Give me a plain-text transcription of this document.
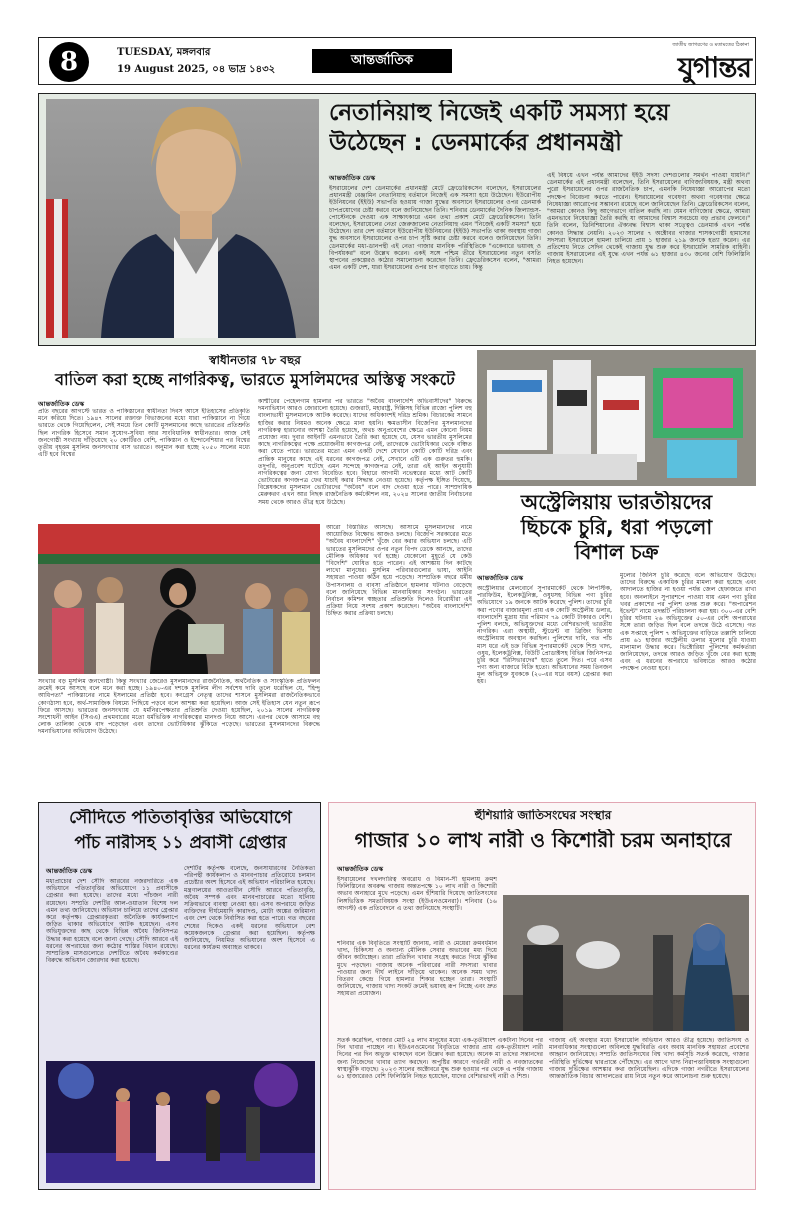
8	TUESDAY, মঙ্গলবার
19 August 2025, ০৪ ভাদ্র ১৪৩২
আন্তর্জাতিক
জাতীয় জাগরণের ও মতামতের ঠিকানা
যুগান্তর
নেতানিয়াহু নিজেই একটি সমস্যা হয়ে
উঠেছেন : ডেনমার্কের প্রধানমন্ত্রী
আন্তর্জাতিক ডেস্ক
ইসরায়েলের দেশ ডেনমার্কের প্রধানমন্ত্রী মেটে ফ্রেডেরিকসেন বলেছেন, ইসরায়েলের প্রধানমন্ত্রী বেঞ্জামিন নেতানিয়াহু বর্তমানে নিজেই এক সমস্যা হয়ে উঠেছেন। ইউরোপীয় ইউনিয়নের (ইইউ) সভাপতি হওয়ায় গাজা যুদ্ধের অবসানে ইসরায়েলের ওপর ডেনমার্ক চাপপ্রয়োগের চেষ্টা করবে বলে জানিয়েছেন তিনি। শনিবার ডেনমার্কের দৈনিক জিল্যান্ডস-পোস্টেনকে দেওয়া এক সাক্ষাৎকারে এমন তথ্য প্রকাশ মেটে ফ্রেডেরিকসেন। তিনি বলেছেন, ইসরায়েলের নেতা জেরুজালেম নেতানিয়াহু এমন "নিজেই একটি সমস্যা" হয়ে উঠেছেন। তার দেশ বর্তমানে ইউরোপীয় ইউনিয়নের (ইইউ) সভাপতি থাকা অবস্থায় গাজা যুদ্ধ অবসানে ইসরায়েলের ওপর চাপ সৃষ্টি করার চেষ্টা করবে বলেও জানিয়েছেন তিনি। ডেনমার্কের মধ্য-ডানপন্থী এই নেতা গাজার মানবিক পরিস্থিতিকে "একেবারে ভয়াবহ ও বিপর্যয়কর" বলে উল্লেখ করেন। একই সঙ্গে পশ্চিম তীরে ইসরায়েলের নতুন বসতি স্থাপনের প্রকল্পেরও কঠোর সমালোচনা করেছেন তিনি। ফ্রেডেরিকসেন বলেন, "আমরা এমন একটি দেশ, যারা ইসরায়েলের ওপর চাপ বাড়াতে চায়। কিন্তু
এই বিষয়ে এখন পর্যন্ত আমাদের ইইউ সদস্য দেশগুলোর সমর্থন পাওয়া যায়নি।" ডেনমার্কের এই প্রধানমন্ত্রী বলেছেন, তিনি ইসরায়েলের বাণিজ্যবিষয়ক, মন্ত্রী অথবা পুরো ইসরায়েলের ওপর রাজনৈতিক চাপ, এমনকি নিষেধাজ্ঞা আরোপের মতো পদক্ষেপ বিবেচনা করতে পারেন। ইসরায়েলের গবেষণা অথবা গবেষণার ক্ষেত্রে নিষেধাজ্ঞা আরোপের সম্ভাবনা রয়েছে বলে জানিয়েছেন তিনি। ফ্রেডেরিকসেন বলেন, "আমরা কোনও কিছু আগেভাগে বাতিল করছি না। যেমন বাণিজ্যের ক্ষেত্রে, আমরা এমনভাবে নিষেধাজ্ঞা তৈরি করছি যা আমাদের বিশ্বাস সবচেয়ে বড় প্রভাব ফেলবে।" তিনি বলেন, ডিনিশিয়ানের ঐক্যবদ্ধ বিশ্বাস থাকা সত্ত্বেও ডেনমার্ক এখন পর্যন্ত কোনও সিদ্ধান্ত নেয়নি। ২০২৩ সালের ৭ অক্টোবর গাজার শাসকগোষ্ঠী হামাসের সদস্যরা ইসরায়েলে হামলা চালিয়ে প্রায় ১ হাজার ২১৯ জনকে হত্যা করেন। এর প্রতিশোধ নিতে সেদিন থেকেই গাজায় যুদ্ধ শুরু করে ইসরায়েলি সামরিক বাহিনী। গাজায় ইসরায়েলের এই যুদ্ধে এখন পর্যন্ত ৬১ হাজার ৪৩০ জনের বেশি ফিলিস্তিনি নিহত হয়েছেন।
স্বাধীনতার ৭৮ বছর
বাতিল করা হচ্ছে নাগরিকত্ব, ভারতে মুসলিমদের অস্তিত্ব সংকটে
আন্তর্জাতিক ডেস্ক
প্রতি বছরের আগস্টে ভারত ও পাকিস্তানের স্বাধীনতা দিবস আসে ইতিহাসের প্রতিকৃতি মনে করিয়ে দিতে। ১৯৪৭ সালের রক্তাক্ত বিভাজনের মধ্যে যারা পাকিস্তানে না গিয়ে ভারতে থেকে গিয়েছিলেন, সেই সময়ে তিন কোটি মুসলমানের কাছে ভারতের প্রতিশ্রুতি ছিল নাগরিক হিসেবে সমান সুযোগ-সুবিধা আর সাংবিধানিক স্বাধীনতার। আজ সেই জনগোষ্ঠী সংখ্যায় দাঁড়িয়েছে ২০ কোটিরও বেশি, পাকিস্তান ও ইন্দোনেশিয়ার পর বিশ্বের তৃতীয় বৃহত্তম মুসলিম জনসংখ্যার বাস ভারতে। অনুমান করা হচ্ছে ২০৫০ সালের মধ্যে এটি হবে বিশ্বের
কাশ্মীরের পেহেলগাম হামলার পর ভারতে "অবৈধ বাংলাদেশি অভিবাসীদের" বিরুদ্ধে দমনাভিযান আরও জোরালো হয়েছে। গুজরাট, মহারাষ্ট্র, দিল্লিসহ বিভিন্ন রাজ্যে পুলিশ বহু বাংলাভাষী মুসলমানকে আটক করেছে। যাদের অধিকাংশই দরিদ্র শ্রমিক। বিচারকের সামনে হাজির করার নিয়মও অনেক ক্ষেত্রে মানা হয়নি। ক্ষমতাসীন বিজেপির মুসলমানদের নাগরিকত্ব হারানোর আশঙ্কা তৈরি হয়েছে, অথচ অনুপ্রবেশের ক্ষেত্রে এমন কোনো নিয়ম প্রযোজ্য নয়। দুবার আইনটি এমনভাবে তৈরি করা হয়েছে যে, যেসব ভারতীয় মুসলিমের কাছে নাগরিকত্বের পক্ষে প্রয়োজনীয় কাগজপত্র নেই, তাদেরকে ভোটাধিকার থেকে বঞ্চিত করা যেতে পারে। ভারতের মতো এমন একটি দেশে যেখানে কোটি কোটি দরিদ্র এবং প্রান্তিক মানুষের কাছে এই ধরনের কাগজপত্র নেই, সেখানে এটি এক গুরুতর হুমকি। তদুপরি, অনুপ্রবেশ ঘটেছে এমন সন্দেহে কাগজপত্র নেই, তারা এই আইন অনুযায়ী নাগরিকত্বের জন্য যোগ্য বিবেচিত হবে। বিহারে আগামী নভেম্বরের মধ্যে আট কোটি ভোটারের কাগজপত্র ফের যাচাই করার সিদ্ধান্ত নেওয়া হয়েছে। কর্তৃপক্ষ ইঙ্গিত দিয়েছে, বিশ্লেষকদের মুসলমান ভোটারদের "অবৈধ" বলে বাদ দেওয়া হতে পারে। সাম্প্রদায়িক মেরুকরণ এখন আর নিছক রাজনৈতিক কর্মকৌশল নয়, ২০২৪ সালের জাতীয় নির্বাচনের সময় থেকে আরও তীব্র হয়ে উঠেছে।
সংখ্যার বড় মুসলিম জনগোষ্ঠী। কিন্তু সংখ্যার জেরেও মুসলমানদের রাজনৈতিক, অর্থনৈতিক ও সাংস্কৃতিক প্রতিফলন ক্রমেই কমে আসছে বলে মনে করা হচ্ছে। ১৯৪০-এর দশকে মুসলিম লীগ সর্বশেষ দাবি তুলে ধরেছিল যে, "হিন্দু আধিপত্য" পাকিস্তানের নামে ইসলামের প্রতিষ্ঠা হবে। কংগ্রেস নেতৃত্ব তাদের শাসনে মুসলিমরা রাজনৈতিকভাবে কোণঠাসা হবে, অর্থ-সামাজিক বিষম্যে পিছিয়ে পড়বে বলে আশঙ্কা করা হয়েছিল। আজ সেই ইতিহাস যেন নতুন রূপে ফিরে আসছে। ভারতের জনসংখ্যায় যে ধর্মনিরপেক্ষতার প্রতিশ্রুতি দেওয়া হয়েছিল, ২০১৯ সালের নাগরিকত্ব সংশোধনী আইন (সিএএ) প্রথমবারের মতো ধর্মভিত্তিক নাগরিকত্বের মানদণ্ড নিয়ে আসে। এরপর থেকে আসামে বহু লোক তালিকা থেকে বাদ পড়েছেন এবং তাদের ভোটাধিকার ঝুঁকিতে পড়েছে। ভারতের মুসলমানদের বিরুদ্ধে দমনাভিযানের অভিযোগ উঠেছে।
আরো বিস্তারিত আসছে। আসামে মুসলমানদের নামে আয়োজিত বিক্ষোভ আজও চলছে। বিজেপি সরকারের মতে "অবৈধ বাংলাদেশি" খুঁজে বের করার অভিযান চলছে। এটি ভারতের মুসলিমদের ওপর নতুন বিপদ ডেকে আনছে, তাদের মৌলিক অধিকার খর্ব হচ্ছে। যেকোনো মুহূর্তে যে কেউ "বিদেশি" ঘোষিত হতে পারেন। এই আশঙ্কায় দিন কাটছে লাখো মানুষের। মুসলিম পরিবারগুলোর ভাষ্য, আইনি সহায়তা পাওয়া কঠিন হয়ে পড়েছে। সাম্প্রতিক বছরে ধর্মীয় উপাসনালয় ও ব্যবসা প্রতিষ্ঠানে হামলার ঘটনাও বেড়েছে বলে জানিয়েছে বিভিন্ন মানবাধিকার সংগঠন। ভারতের নির্বাচন কমিশন স্বচ্ছতার প্রতিশ্রুতি দিলেও বিরোধীরা এই প্রক্রিয়া নিয়ে সংশয় প্রকাশ করেছেন। "অবৈধ বাংলাদেশি" চিহ্নিত করার প্রক্রিয়া চলছে।
অস্ট্রেলিয়ায় ভারতীয়দের
ছিঁচকে চুরি, ধরা পড়লো
বিশাল চক্র
আন্তর্জাতিক ডেস্ক
অস্ট্রেলিয়ার মেলবোর্নে সুপারমার্কেট থেকে লিপস্টিক, পারফিউম, ইলেকট্রনিক্স, ওষুধসহ বিভিন্ন পণ্য চুরির অভিযোগে ১৯ জনকে আটক করেছে পুলিশ। তাদের চুরি করা পণ্যের বাজারমূল্য প্রায় এক কোটি অস্ট্রেলীয় ডলার, বাংলাদেশি মুদ্রায় যার পরিমাণ ৭৯ কোটি টাকারও বেশি। পুলিশ বলছে, অভিযুক্তদের মধ্যে বেশিরভাগই ভারতীয় নাগরিক। এরা অস্থায়ী, স্টুডেন্ট বা ব্রিজিং ভিসায় অস্ট্রেলিয়ায় অবস্থান করছিল। পুলিশের দাবি, গত পাঁচ মাস ধরে এই চক্র বিভিন্ন সুপারমার্কেট থেকে শিশু খাদ্য, ওষুধ, ইলেকট্রনিক্স, বিউটি প্রোডাক্টসহ বিভিন্ন জিনিসপত্র চুরি করে "রিসিভারদের" হাতে তুলে দিত। পরে এসব পণ্য অন্য বাজারে বিক্রি হতো। অভিযানের সময় তিনজন মূল অভিযুক্ত যুবককে (২০-এর ঘরে বয়স) গ্রেপ্তার করা হয়।
মুল্যের জিনিস চুরি করেছে বলে অভিযোগ উঠেছে। তাদের বিরুদ্ধে একাধিক চুরির মামলা করা হয়েছে এবং আদালতে হাজির না হওয়া পর্যন্ত জেল হেফাজতে রাখা হবে। অনলাইনে সুপারশপে পাওয়া যায় এমন পণ্য চুরির খবর প্রকাশের পর পুলিশ তদন্ত শুরু করে। "অপারেশন ইভেন্ট" নামে তদন্তটি পরিচালনা করা হয়। ৩০০-এর বেশি চুরির ঘটনায় ২৬ অভিযুক্তের ৫০-এর বেশি অপরাধের সঙ্গে তারা জড়িত ছিল বলে তদন্তে উঠে এসেছে। গত এক সপ্তাহে পুলিশ ৭ অভিযুক্তের বাড়িতে তল্লাশি চালিয়ে প্রায় ৬১ হাজার অস্ট্রেলীয় ডলার মূল্যের চুরি যাওয়া মালামাল উদ্ধার করে। ভিক্টোরিয়া পুলিশের কর্মকর্তারা জানিয়েছেন, তদন্তে আরও জড়িত খুঁজে বের করা হচ্ছে এবং এ ধরনের অপরাধে ভবিষ্যতে আরও কঠোর পদক্ষেপ নেওয়া হবে।
সৌদিতে পতিতাবৃত্তির অভিযোগে
পাঁচ নারীসহ ১১ প্রবাসী গ্রেপ্তার
আন্তর্জাতিক ডেস্ক
মধ্যপ্রাচ্যের দেশ সৌদি আরবের নজরদারিতে এক অভিযানে পতিতাবৃত্তির অভিযোগে ১১ প্রবাসীকে গ্রেপ্তার করা হয়েছে। তাদের মধ্যে পাঁচজন নারী রয়েছেন। সম্প্রতি দেশটির আল-ওয়াতান বিশেষ দল এমন তথ্য জানিয়েছে। অভিযান চালিয়ে তাদের গ্রেপ্তার করে কর্তৃপক্ষ। গ্রেপ্তারকৃতরা অনৈতিক কার্যকলাপে জড়িত থাকার অভিযোগে আটক হয়েছেন। এসব অভিযুক্তদের কাছ থেকে বিভিন্ন অবৈধ জিনিসপত্র উদ্ধার করা হয়েছে বলে জানা গেছে। সৌদি আরবে এই ধরনের অপরাধের জন্য কঠোর শাস্তির বিধান রয়েছে। সাম্প্রতিক মাসগুলোতে দেশটিতে অবৈধ কর্মকাণ্ডের বিরুদ্ধে অভিযান জোরদার করা হয়েছে।
দেশটির কর্তৃপক্ষ বলেছে, জনসাধারণের নৈতিকতা পরিপন্থী কার্যকলাপ ও মানবপাচার প্রতিরোধে চলমান প্রচেষ্টার অংশ হিসেবে এই অভিযান পরিচালিত হয়েছে। মন্ত্রণালয়ের আওতাধীন সৌদি আরবে পতিতাবৃত্তি, অবৈধ সম্পর্ক এবং মানবপাচারের মতো ঘটনায় সক্রিয়ভাবে ব্যবস্থা নেওয়া হয়। এসব অপরাধে জড়িত ব্যক্তিদের দীর্ঘমেয়াদি কারাদণ্ড, মোটা অঙ্কের জরিমানা এবং দেশ থেকে নির্বাসিত করা হতে পারে। গত বছরের শেষের দিকেও একই ধরনের অভিযানে বেশ কয়েকজনকে গ্রেপ্তার করা হয়েছিল। কর্তৃপক্ষ জানিয়েছে, নিয়মিত অভিযানের অংশ হিসেবে এ ধরনের কার্যক্রম অব্যাহত থাকবে।
হুঁশিয়ারি জাতিসংঘের সংস্থার
গাজার ১০ লাখ নারী ও কিশোরী চরম অনাহারে
আন্তর্জাতিক ডেস্ক
ইসরায়েলের দখলদারিত্ব অবরোধ ও বিমান-সী হামলায় ক্রমশ ফিলিস্তিনের অবরুদ্ধ গাজায় অন্ততপক্ষে ১০ লাখ নারী ও কিশোরী অভাব অনাহারে মুখে পড়েছে। এমন হুঁশিয়ারি দিয়েছে জাতিসংঘের লিঙ্গভিত্তিক সমতাবিষয়ক সংস্থা (ইউএনওমেনরা)। শনিবার (১৬ আগস্ট) এক প্রতিবেদনে এ তথ্য জানিয়েছে সংস্থাটি।
শনিবার এক বিবৃতিতে সংস্থাটি জানায়, নারী ও মেয়েরা ক্রমবর্ধমান খাদ্য, চিকিৎসা ও অন্যান্য মৌলিক সেবার অভাবের মধ্য দিয়ে জীবন কাটাচ্ছেন। তারা প্রতিদিন খাবার সংগ্রহ করতে গিয়ে ঝুঁকির মুখে পড়ছেন। গাজায় অনেক পরিবারের নারী সদস্যরা খাবার পাওয়ার জন্য দীর্ঘ লাইনে দাঁড়িয়ে থাকেন। অনেক সময় খাদ্য বিতরণ কেন্দ্রে গিয়ে হামলার শিকার হচ্ছেন তারা। সংস্থাটি জানিয়েছে, গাজায় খাদ্য সংকট ক্রমেই ভয়াবহ রূপ নিচ্ছে এবং দ্রুত সহায়তা প্রয়োজন।
সতর্ক করেছিল, গাজার মোট ২৪ লাখ মানুষের মধ্যে এক-তৃতীয়াংশ একটানা দিনের পর দিন খাবার পাচ্ছেন না। ইউএনওমেনের বিবৃতিতে গাজার প্রায় এক-তৃতীয়াংশ নারী দিনের পর দিন অভুক্ত থাকছেন বলে উল্লেখ করা হয়েছে। অনেক মা তাদের সন্তানদের জন্য নিজেদের খাবার ত্যাগ করছেন। অপুষ্টির কারণে গর্ভবতী নারী ও নবজাতকের স্বাস্থ্যঝুঁকি বাড়ছে। ২০২৩ সালের অক্টোবরে যুদ্ধ শুরু হওয়ার পর থেকে এ পর্যন্ত গাজায় ৬১ হাজারেরও বেশি ফিলিস্তিনি নিহত হয়েছেন, যাদের বেশিরভাগই নারী ও শিশু।
গাজায় এই অবস্থার মধ্যে ইসরায়েলি অভিযান আরও তীব্র হয়েছে। জাতিসংঘ ও মানবাধিকার সংস্থাগুলো অবিলম্বে যুদ্ধবিরতি এবং অবাধ মানবিক সহায়তা প্রবেশের আহ্বান জানিয়েছে। সম্প্রতি জাতিসংঘের বিশ্ব খাদ্য কর্মসূচি সতর্ক করেছে, গাজার পরিস্থিতি দুর্ভিক্ষের দ্বারপ্রান্তে পৌঁছেছে। এর আগে খাদ্য নিরাপত্তাবিষয়ক সংস্থাগুলো গাজায় দুর্ভিক্ষের আশঙ্কার কথা জানিয়েছিল। এদিকে গাজা নগরীতে ইসরায়েলের আন্তর্জাতিক বিচার আদালতের রায় নিয়ে নতুন করে আলোচনা শুরু হয়েছে।
